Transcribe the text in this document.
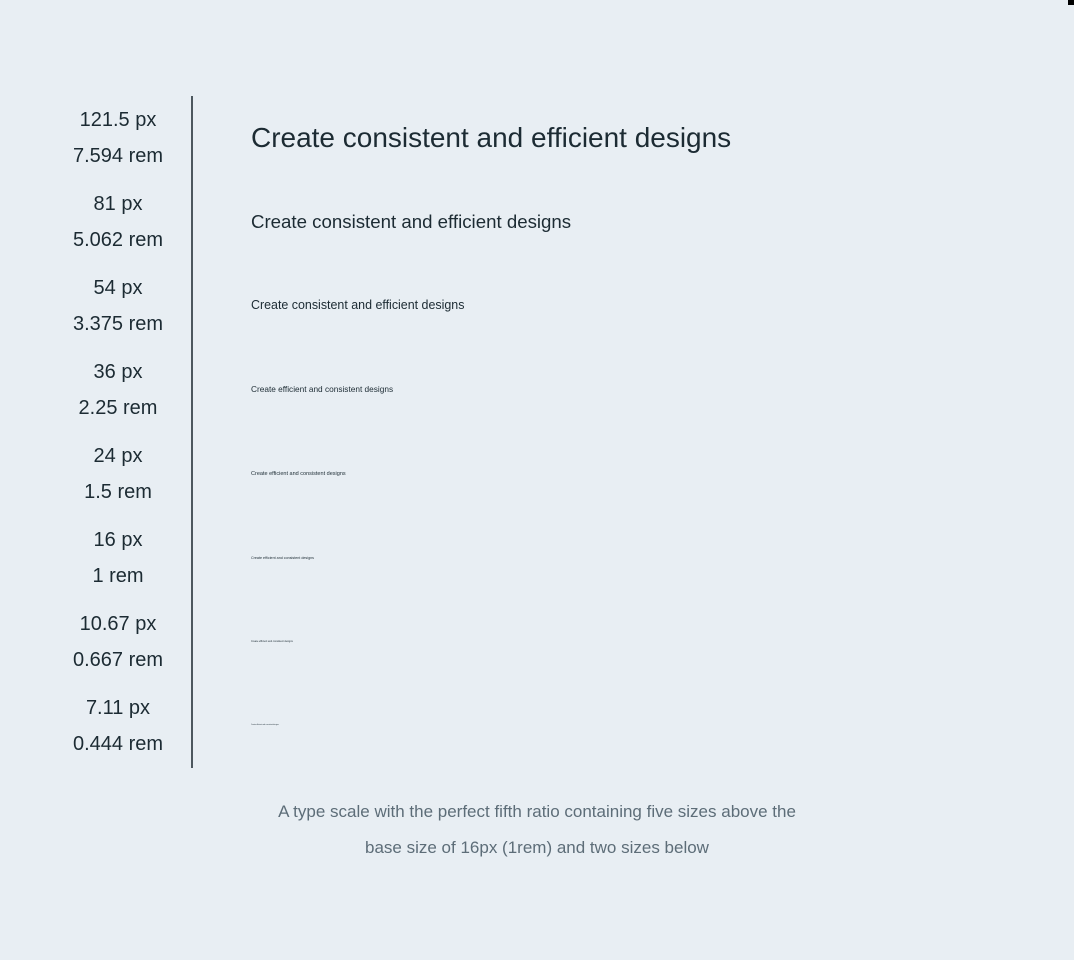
121.5 px
7.594 rem
Create consistent and efficient designs
81 px
5.062 rem
Create consistent and efficient designs
54 px
3.375 rem
Create consistent and efficient designs
36 px
2.25 rem
Create efficient and consistent designs
24 px
1.5 rem
Create efficient and consistent designs
16 px
1 rem
Create efficient and consistent designs
10.67 px
0.667 rem
Create efficient and consistent designs
7.11 px
0.444 rem
Create efficient and consistent designs
A type scale with the perfect fifth ratio containing five sizes above the
base size of 16px (1rem) and two sizes below
